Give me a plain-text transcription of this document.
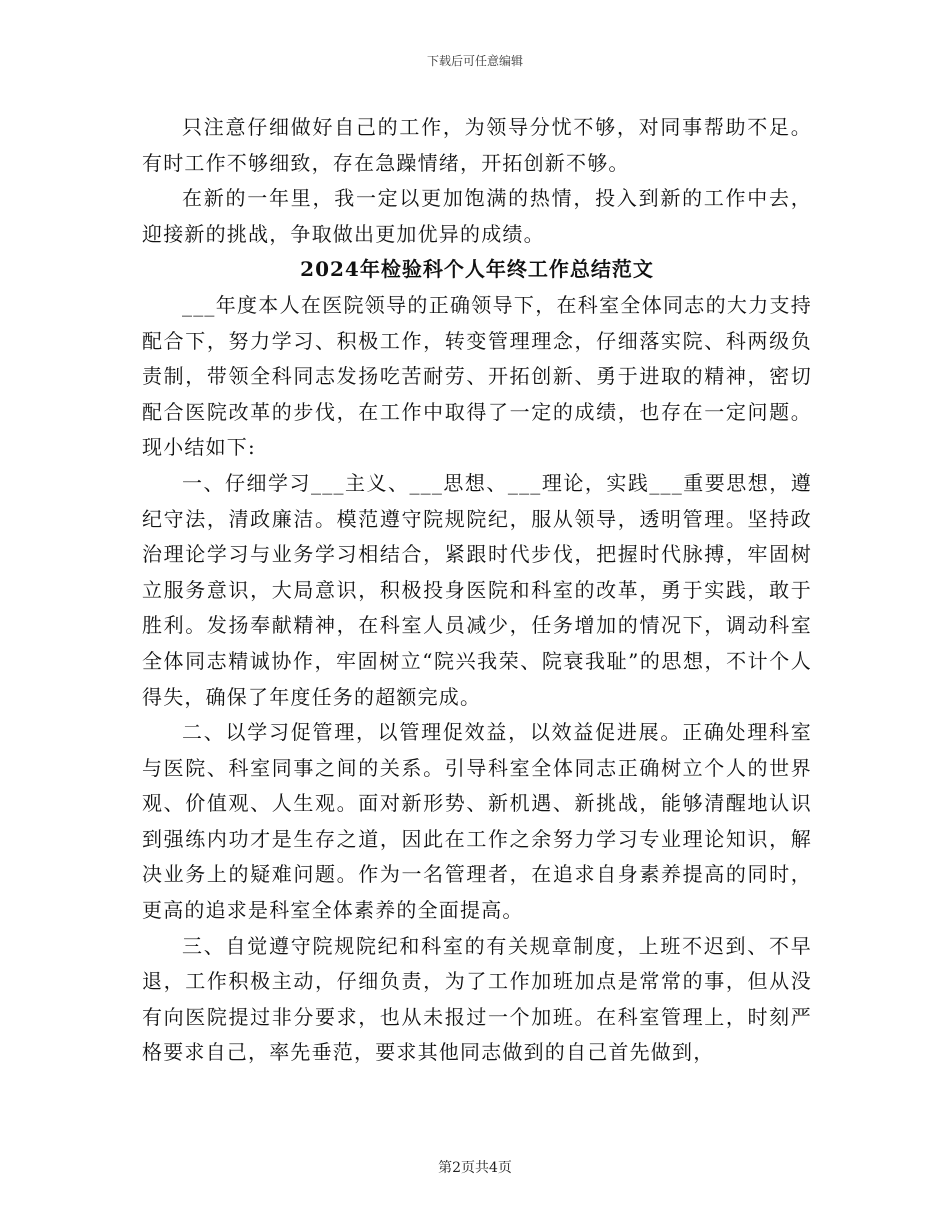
下载后可任意编辑

只注意仔细做好自己的工作，为领导分忧不够，对同事帮助不足。有时工作不够细致，存在急躁情绪，开拓创新不够。

在新的一年里，我一定以更加饱满的热情，投入到新的工作中去，迎接新的挑战，争取做出更加优异的成绩。

2024年检验科个人年终工作总结范文

___年度本人在医院领导的正确领导下，在科室全体同志的大力支持配合下，努力学习、积极工作，转变管理理念，仔细落实院、科两级负责制，带领全科同志发扬吃苦耐劳、开拓创新、勇于进取的精神，密切配合医院改革的步伐，在工作中取得了一定的成绩，也存在一定问题。现小结如下:

一、仔细学习___主义、___思想、___理论，实践___重要思想，遵纪守法，清政廉洁。模范遵守院规院纪，服从领导，透明管理。坚持政治理论学习与业务学习相结合，紧跟时代步伐，把握时代脉搏，牢固树立服务意识，大局意识，积极投身医院和科室的改革，勇于实践，敢于胜利。发扬奉献精神，在科室人员减少，任务增加的情况下，调动科室全体同志精诚协作，牢固树立“院兴我荣、院衰我耻”的思想，不计个人得失，确保了年度任务的超额完成。

二、以学习促管理，以管理促效益，以效益促进展。正确处理科室与医院、科室同事之间的关系。引导科室全体同志正确树立个人的世界观、价值观、人生观。面对新形势、新机遇、新挑战，能够清醒地认识到强练内功才是生存之道，因此在工作之余努力学习专业理论知识，解决业务上的疑难问题。作为一名管理者，在追求自身素养提高的同时，更高的追求是科室全体素养的全面提高。

三、自觉遵守院规院纪和科室的有关规章制度，上班不迟到、不早退，工作积极主动，仔细负责，为了工作加班加点是常常的事，但从没有向医院提过非分要求，也从未报过一个加班。在科室管理上，时刻严格要求自己，率先垂范，要求其他同志做到的自己首先做到，

第2页共4页
